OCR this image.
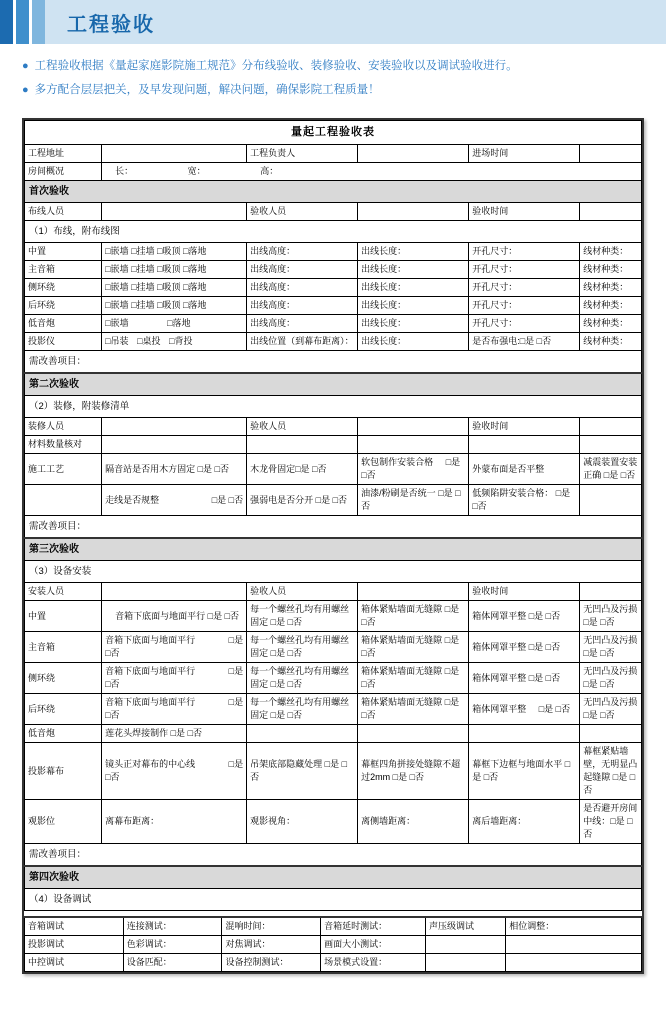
工程验收
● 工程验收根据《量起家庭影院施工规范》分布线验收、装修验收、安装验收以及调试验收进行。
● 多方配合层层把关，及早发现问题，解决问题，确保影院工程质量！
量起工程验收表					
工程地址		工程负责人		进场时间	
房间概况	长： 宽： 高：				
首次验收					
布线人员		验收人员		验收时间	
（1）布线，附布线图					
中置	□嵌墙 □挂墙 □吸顶 □落地	出线高度：	出线长度：	开孔尺寸：	线材种类：
主音箱	□嵌墙 □挂墙 □吸顶 □落地	出线高度：	出线长度：	开孔尺寸：	线材种类：
侧环绕	□嵌墙 □挂墙 □吸顶 □落地	出线高度：	出线长度：	开孔尺寸：	线材种类：
后环绕	□嵌墙 □挂墙 □吸顶 □落地	出线高度：	出线长度：	开孔尺寸：	线材种类：
低音炮	□嵌墙 □落地	出线高度：	出线长度：	开孔尺寸：	线材种类：
投影仪	□吊装 □桌投 □背投	出线位置（到幕布距离）：	出线长度：	是否布强电:□是 □否	线材种类：
需改善项目：					
第二次验收					
（2）装修，附装修清单					
装修人员		验收人员		验收时间	
材料数量核对					
施工工艺	隔音站是否用木方固定 □是 □否	木龙骨固定□是 □否	软包制作安装合格 □是 □否	外蒙布面是否平整	减震装置安装正确 □是 □否

	走线是否规整 □是 □否	强弱电是否分开 □是 □否	油漆/粉刷是否统一 □是 □否	低频陷阱安装合格： □是 □否	
需改善项目：					
第三次验收					
（3）设备安装					
安装人员		验收人员		验收时间	
中置	音箱下底面与地面平行 □是 □否	每一个螺丝孔均有用螺丝固定 □是 □否	箱体紧贴墙面无缝隙 □是 □否	箱体网罩平整 □是 □否	无凹凸及污损 □是 □否
主音箱	音箱下底面与地面平行 □是
□否	每一个螺丝孔均有用螺丝固定 □是 □否	箱体紧贴墙面无缝隙 □是 □否	箱体网罩平整 □是 □否	无凹凸及污损 □是 □否
侧环绕	音箱下底面与地面平行 □是
□否	每一个螺丝孔均有用螺丝固定 □是 □否	箱体紧贴墙面无缝隙 □是 □否	箱体网罩平整 □是 □否	无凹凸及污损 □是 □否
后环绕	音箱下底面与地面平行 □是
□否	每一个螺丝孔均有用螺丝固定 □是 □否	箱体紧贴墙面无缝隙 □是 □否	箱体网罩平整 □是 □否	无凹凸及污损 □是 □否
低音炮	莲花头焊接制作 □是 □否				
投影幕布	镜头正对幕布的中心线 □是
□否	吊架底部隐藏处理 □是 □否	幕框四角拼接处缝隙不超过2mm □是 □否	幕框下边框与地面水平 □是 □否	幕框紧贴墙壁，无明显凸起缝隙 □是 □否
观影位	离幕布距离：	观影视角：	离侧墙距离：	离后墙距离：	是否避开房间中线：□是 □否
需改善项目：					
第四次验收					
（4）设备调试					
音箱调试	连接测试：	混响时间：	音箱延时测试：	声压级调试	相位调整：
投影调试	色彩调试：	对焦调试：	画面大小测试：		
中控调试	设备匹配：	设备控制测试：	场景模式设置：		
